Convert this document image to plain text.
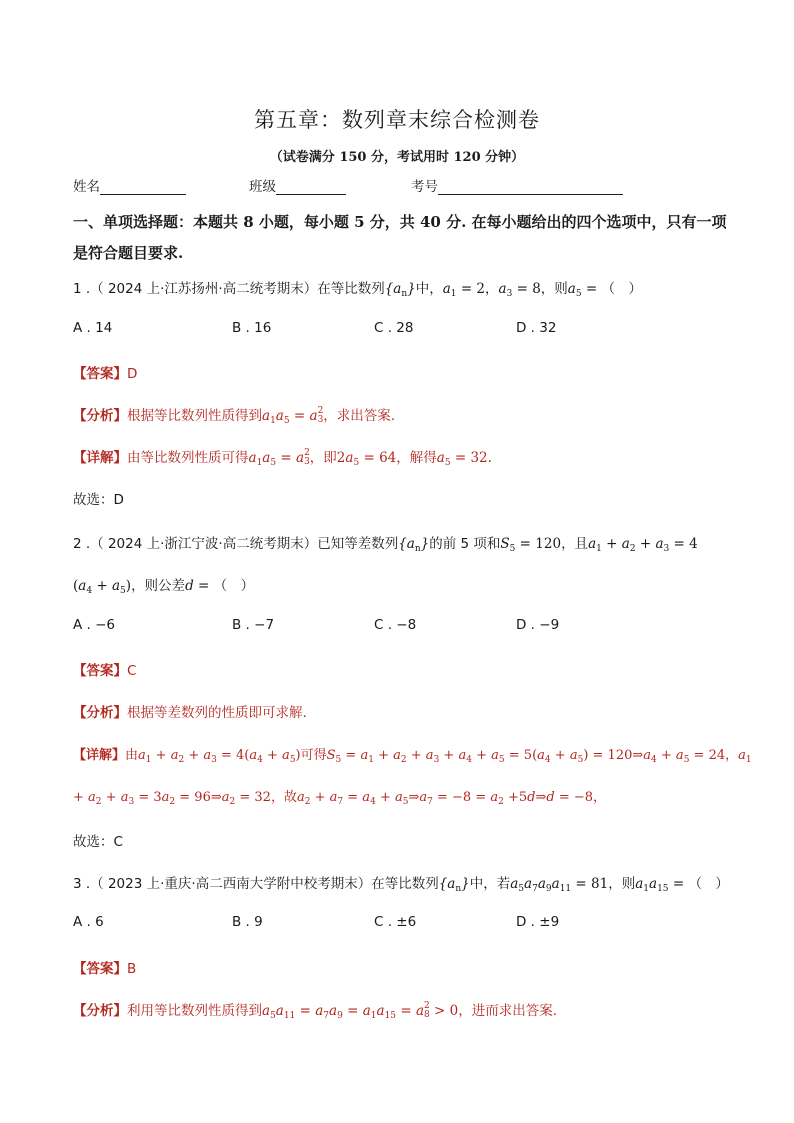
第五章：数列章末综合检测卷
（试卷满分 150 分，考试用时 120 分钟）
姓名	班级	考号
一、单项选择题：本题共 8 小题，每小题 5 分，共 40 分. 在每小题给出的四个选项中，只有一项是符合题目要求.
1 .（ 2024 上·江苏扬州·高二统考期末）在等比数列$\{a_n\}$中，$a_1 = 2$，$a_3 = 8$，则$a_5$ = （　）
A . 14	B . 16	C . 28	D . 32
【答案】D
【分析】根据等比数列性质得到$a_1a_5 = a2$
3，求出答案.
【详解】由等比数列性质可得$a_1a_5 = a2$
3，即$2a_5 = 64$，解得$a_5 = 32$.
故选：D
2 .（ 2024 上·浙江宁波·高二统考期末）已知等差数列$\{a_n\}$的前 5 项和$S_5 = 120$，且$a_1 + a_2 + a_3 = 4$
$(a_4 + a_5)$，则公差d = （　）
A . −6	B . −7	C . −8	D . −9
【答案】C
【分析】根据等差数列的性质即可求解.
【详解】由$a_1 + a_2 + a_3 = 4(a_4 + a_5)$可得$S_5 = a_1 + a_2 + a_3 + a_4 + a_5 = 5(a_4 + a_5)$ = $120\Rightarrow a_4 + a_5 = 24$，$a_1$
+ $a_2 + a_3 = 3a_2$ = $96\Rightarrow a_2 = 32$，故$a_2 + a_7 = a_4$ + $a_5\Rightarrow a_7 = -8 = a_2$ +5d⇒d = −8，
故选：C
3 .（ 2023 上·重庆·高二西南大学附中校考期末）在等比数列$\{a_n\}$中，若$a_5a_7a_9a_{11} = 81$，则$a_1a_{15}$ = （　）
A . 6	B . 9	C . ±6	D . ±9
【答案】B
【分析】利用等比数列性质得到$a_5a_{11} = a_7a_9 = a_1a_{15} = a2$
8 > 0，进而求出答案.
